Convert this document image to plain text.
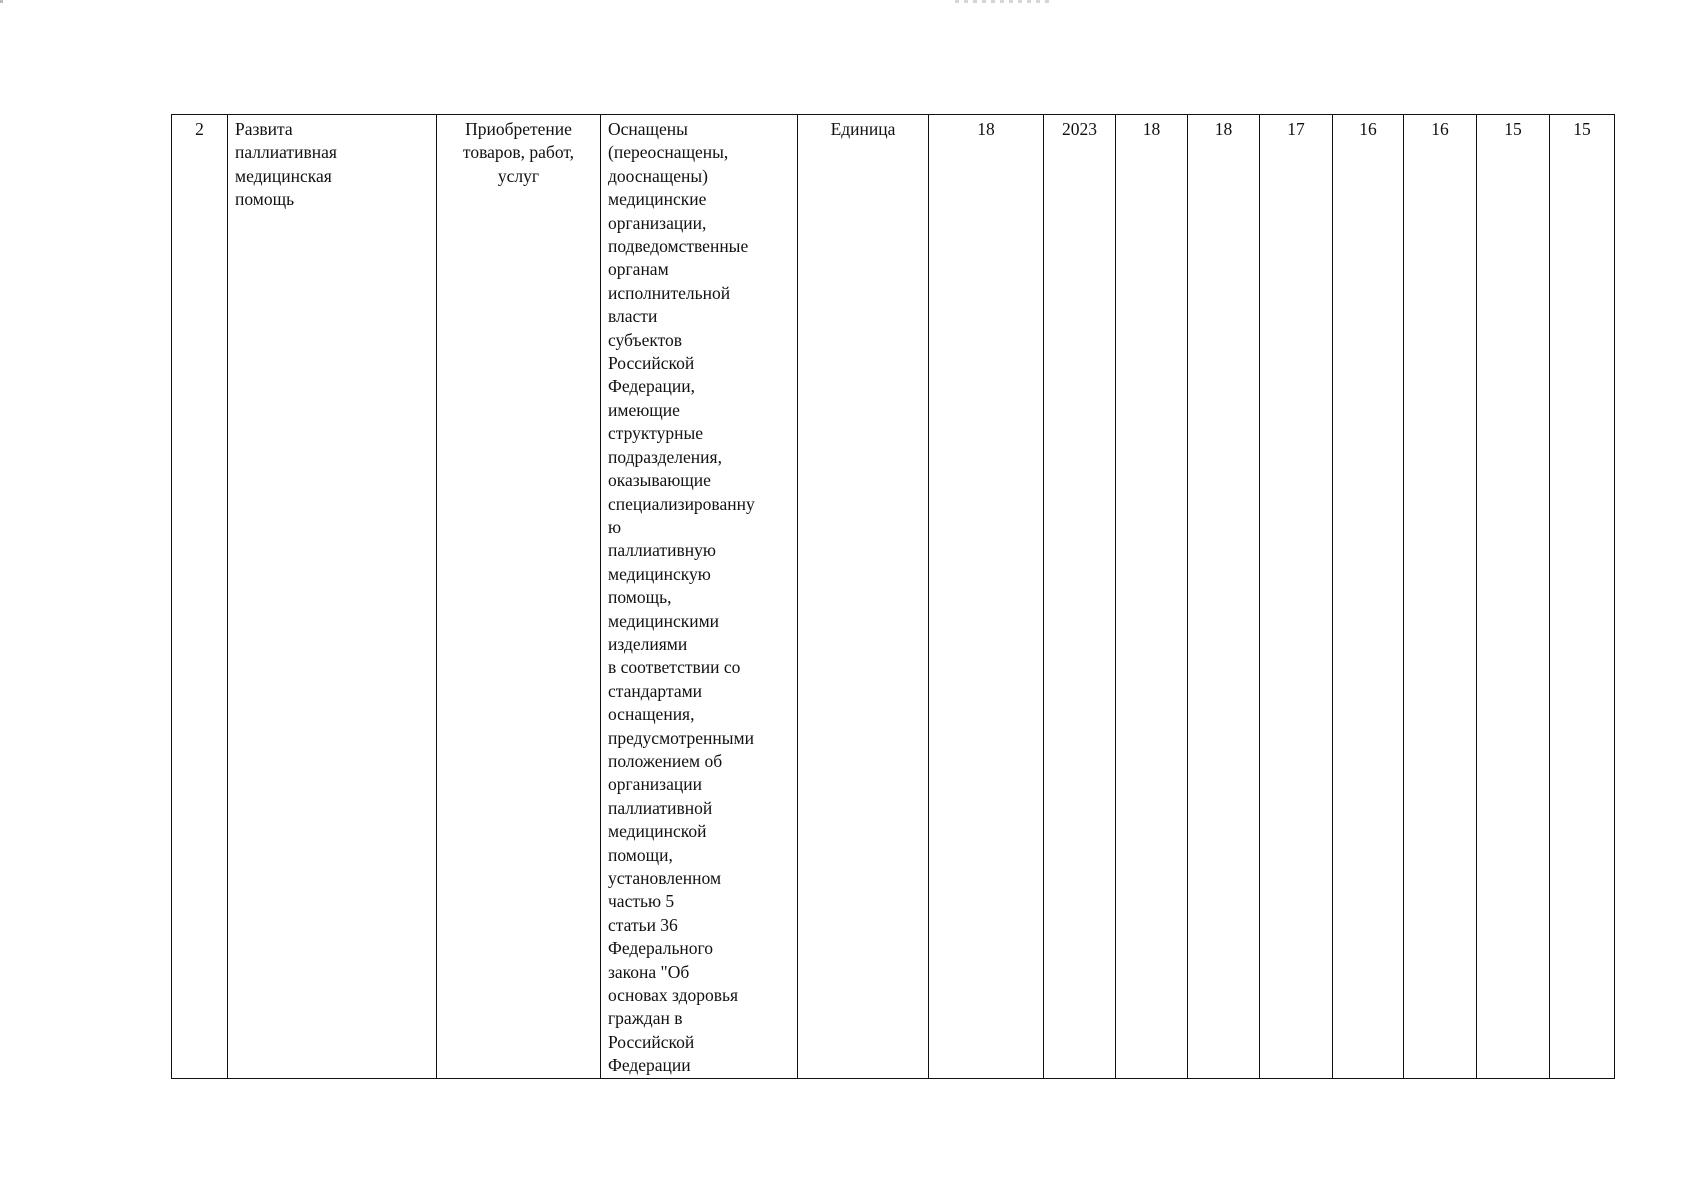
2	Развита
паллиативная
медицинская
помощь	Приобретение
товаров, работ,
услуг	Оснащены
(переоснащены,
дооснащены)
медицинские
организации,
подведомственные
органам
исполнительной
власти
субъектов
Российской
Федерации,
имеющие
структурные
подразделения,
оказывающие
специализированну
ю
паллиативную
медицинскую
помощь,
медицинскими
изделиями
в соответствии со
стандартами
оснащения,
предусмотренными
положением об
организации
паллиативной
медицинской
помощи,
установленном
частью 5
статьи 36
Федерального
закона "Об
основах здоровья
граждан в
Российской
Федерации	Единица	18	2023	18	18	17	16	16	15	15
